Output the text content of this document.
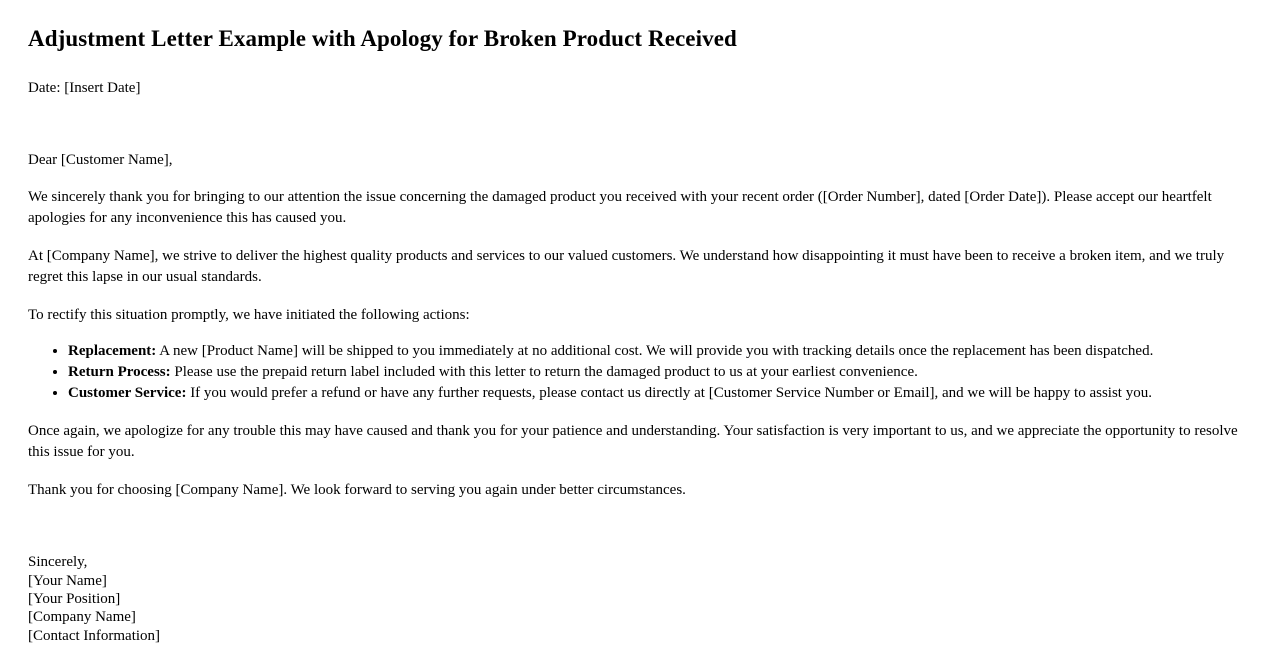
Adjustment Letter Example with Apology for Broken Product Received
Date: [Insert Date]
Dear [Customer Name],

We sincerely thank you for bringing to our attention the issue concerning the damaged product you received with your recent order ([Order Number], dated [Order Date]). Please accept our heartfelt apologies for any inconvenience this has caused you.

At [Company Name], we strive to deliver the highest quality products and services to our valued customers. We understand how disappointing it must have been to receive a broken item, and we truly regret this lapse in our usual standards.

To rectify this situation promptly, we have initiated the following actions:

• Replacement: A new [Product Name] will be shipped to you immediately at no additional cost. We will provide you with tracking details once the replacement has been dispatched.
• Return Process: Please use the prepaid return label included with this letter to return the damaged product to us at your earliest convenience.
• Customer Service: If you would prefer a refund or have any further requests, please contact us directly at [Customer Service Number or Email], and we will be happy to assist you.

Once again, we apologize for any trouble this may have caused and thank you for your patience and understanding. Your satisfaction is very important to us, and we appreciate the opportunity to resolve this issue for you.

Thank you for choosing [Company Name]. We look forward to serving you again under better circumstances.

Sincerely,
[Your Name]
[Your Position]
[Company Name]
[Contact Information]
